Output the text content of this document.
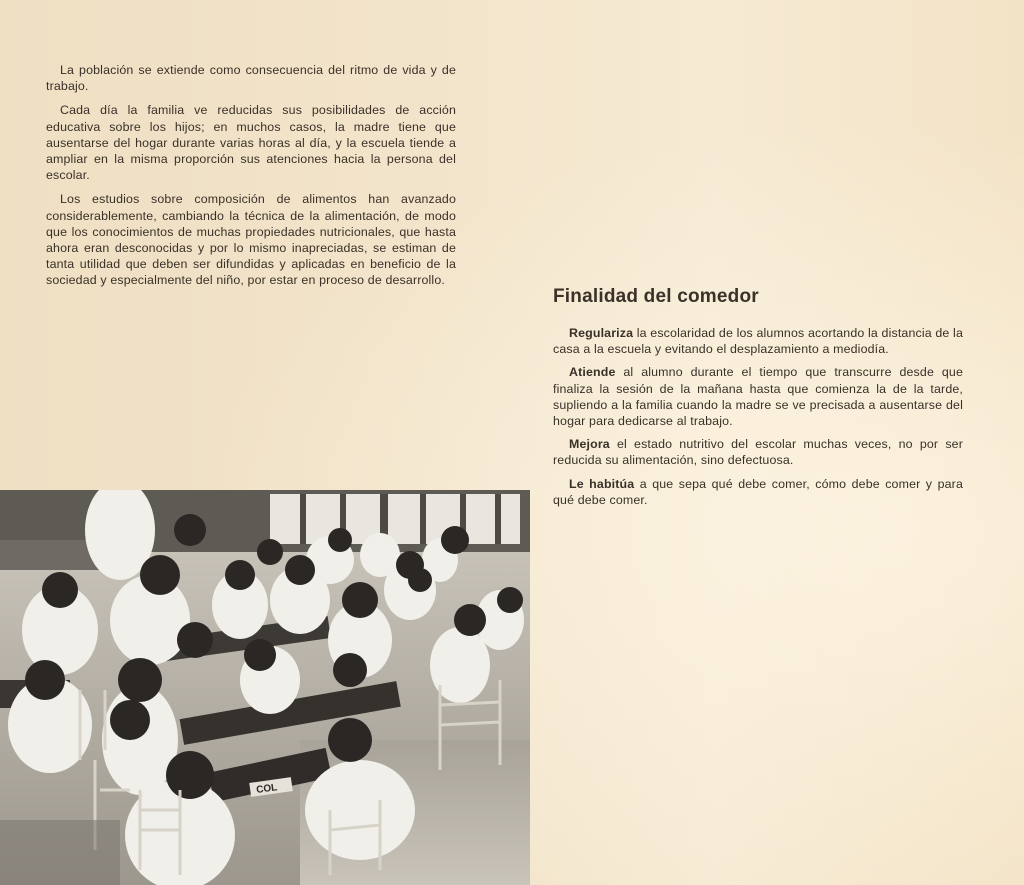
La población se extiende como consecuencia del ritmo de vida y de trabajo.

Cada día la familia ve reducidas sus posibilidades de acción educativa sobre los hijos; en muchos casos, la madre tiene que ausentarse del hogar durante varias horas al día, y la escuela tiende a ampliar en la misma proporción sus atenciones hacia la persona del escolar.

Los estudios sobre composición de alimentos han avanzado considerablemente, cambiando la técnica de la alimentación, de modo que los conocimientos de muchas propiedades nutricionales, que hasta ahora eran desconocidas y por lo mismo inapreciadas, se estiman de tanta utilidad que deben ser difundidas y aplicadas en beneficio de la sociedad y especialmente del niño, por estar en proceso de desarrollo.

COL
Finalidad del comedor

Regulariza la escolaridad de los alumnos acortando la distancia de la casa a la escuela y evitando el desplazamiento a mediodía.

Atiende al alumno durante el tiempo que transcurre desde que finaliza la sesión de la mañana hasta que comienza la de la tarde, supliendo a la familia cuando la madre se ve precisada a ausentarse del hogar para dedicarse al trabajo.

Mejora el estado nutritivo del escolar muchas veces, no por ser reducida su alimentación, sino defectuosa.

Le habitúa a que sepa qué debe comer, cómo debe comer y para qué debe comer.
